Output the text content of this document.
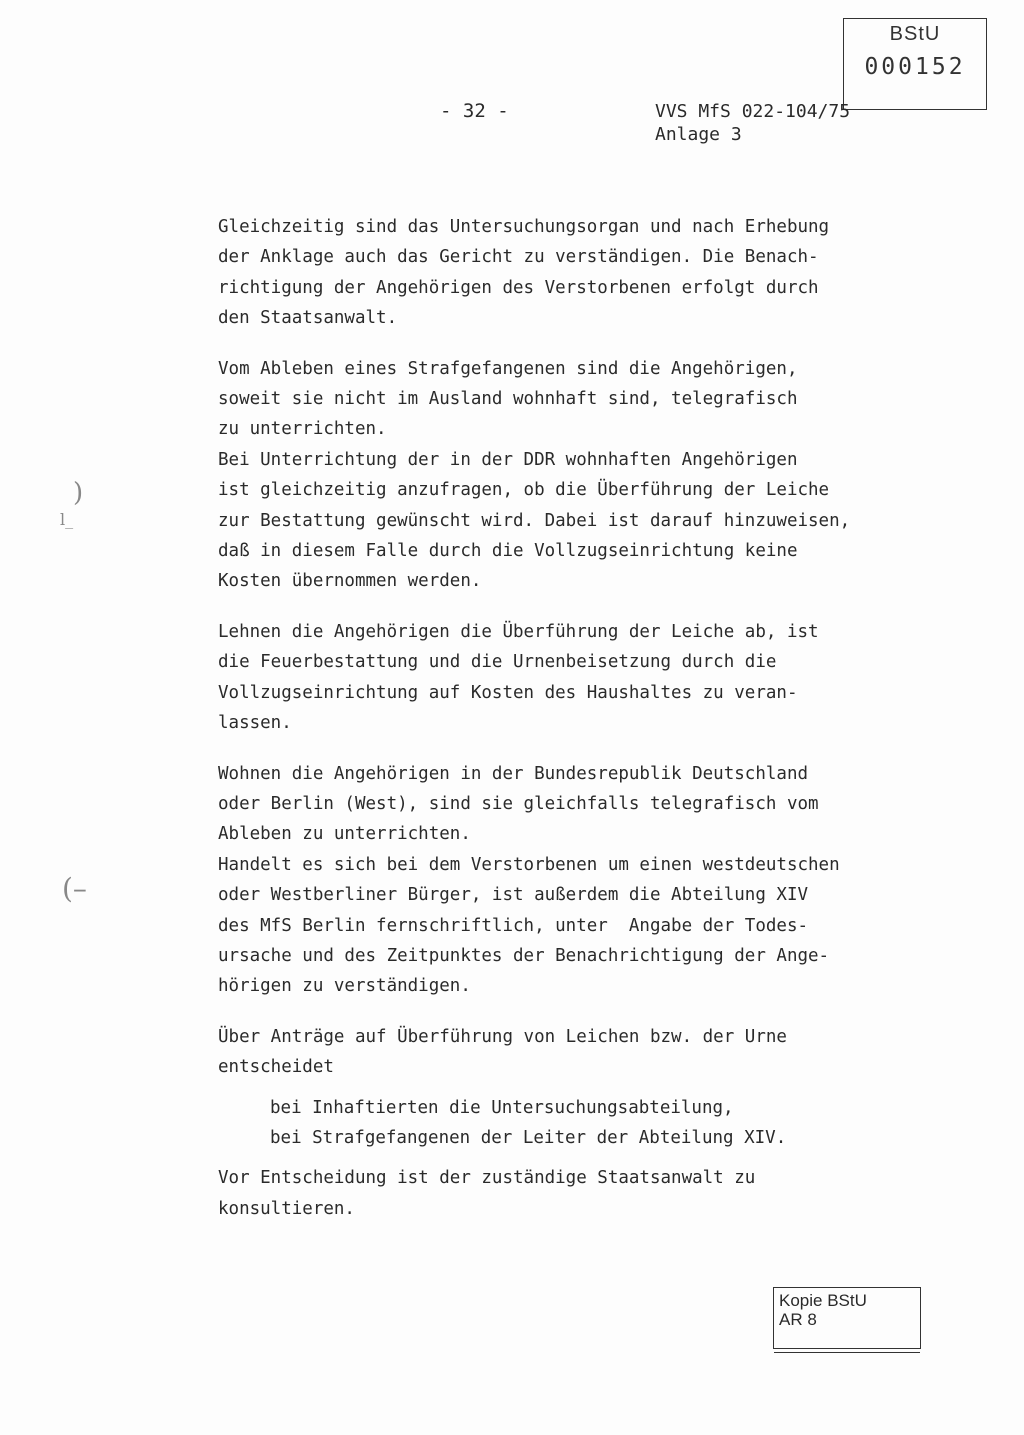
BStU
000152
- 32 -	VVS MfS 022-104/75
Anlage 3

Gleichzeitig sind das Untersuchungsorgan und nach Erhebung

der Anklage auch das Gericht zu verständigen. Die Benach-

richtigung der Angehörigen des Verstorbenen erfolgt durch

den Staatsanwalt.

Vom Ableben eines Strafgefangenen sind die Angehörigen,

soweit sie nicht im Ausland wohnhaft sind, telegrafisch

zu unterrichten.

Bei Unterrichtung der in der DDR wohnhaften Angehörigen

ist gleichzeitig anzufragen, ob die Überführung der Leiche

zur Bestattung gewünscht wird. Dabei ist darauf hinzuweisen,

daß in diesem Falle durch die Vollzugseinrichtung keine

Kosten übernommen werden.

Lehnen die Angehörigen die Überführung der Leiche ab, ist

die Feuerbestattung und die Urnenbeisetzung durch die

Vollzugseinrichtung auf Kosten des Haushaltes zu veran-

lassen.

Wohnen die Angehörigen in der Bundesrepublik Deutschland

oder Berlin (West), sind sie gleichfalls telegrafisch vom

Ableben zu unterrichten.

Handelt es sich bei dem Verstorbenen um einen westdeutschen

oder Westberliner Bürger, ist außerdem die Abteilung XIV

des MfS Berlin fernschriftlich, unter  Angabe der Todes-

ursache und des Zeitpunktes der Benachrichtigung der Ange-

hörigen zu verständigen.

Über Anträge auf Überführung von Leichen bzw. der Urne

entscheidet

bei Inhaftierten die Untersuchungsabteilung,

bei Strafgefangenen der Leiter der Abteilung XIV.

Vor Entscheidung ist der zuständige Staatsanwalt zu

konsultieren.

)
l_
(–
Kopie BStU
AR 8
